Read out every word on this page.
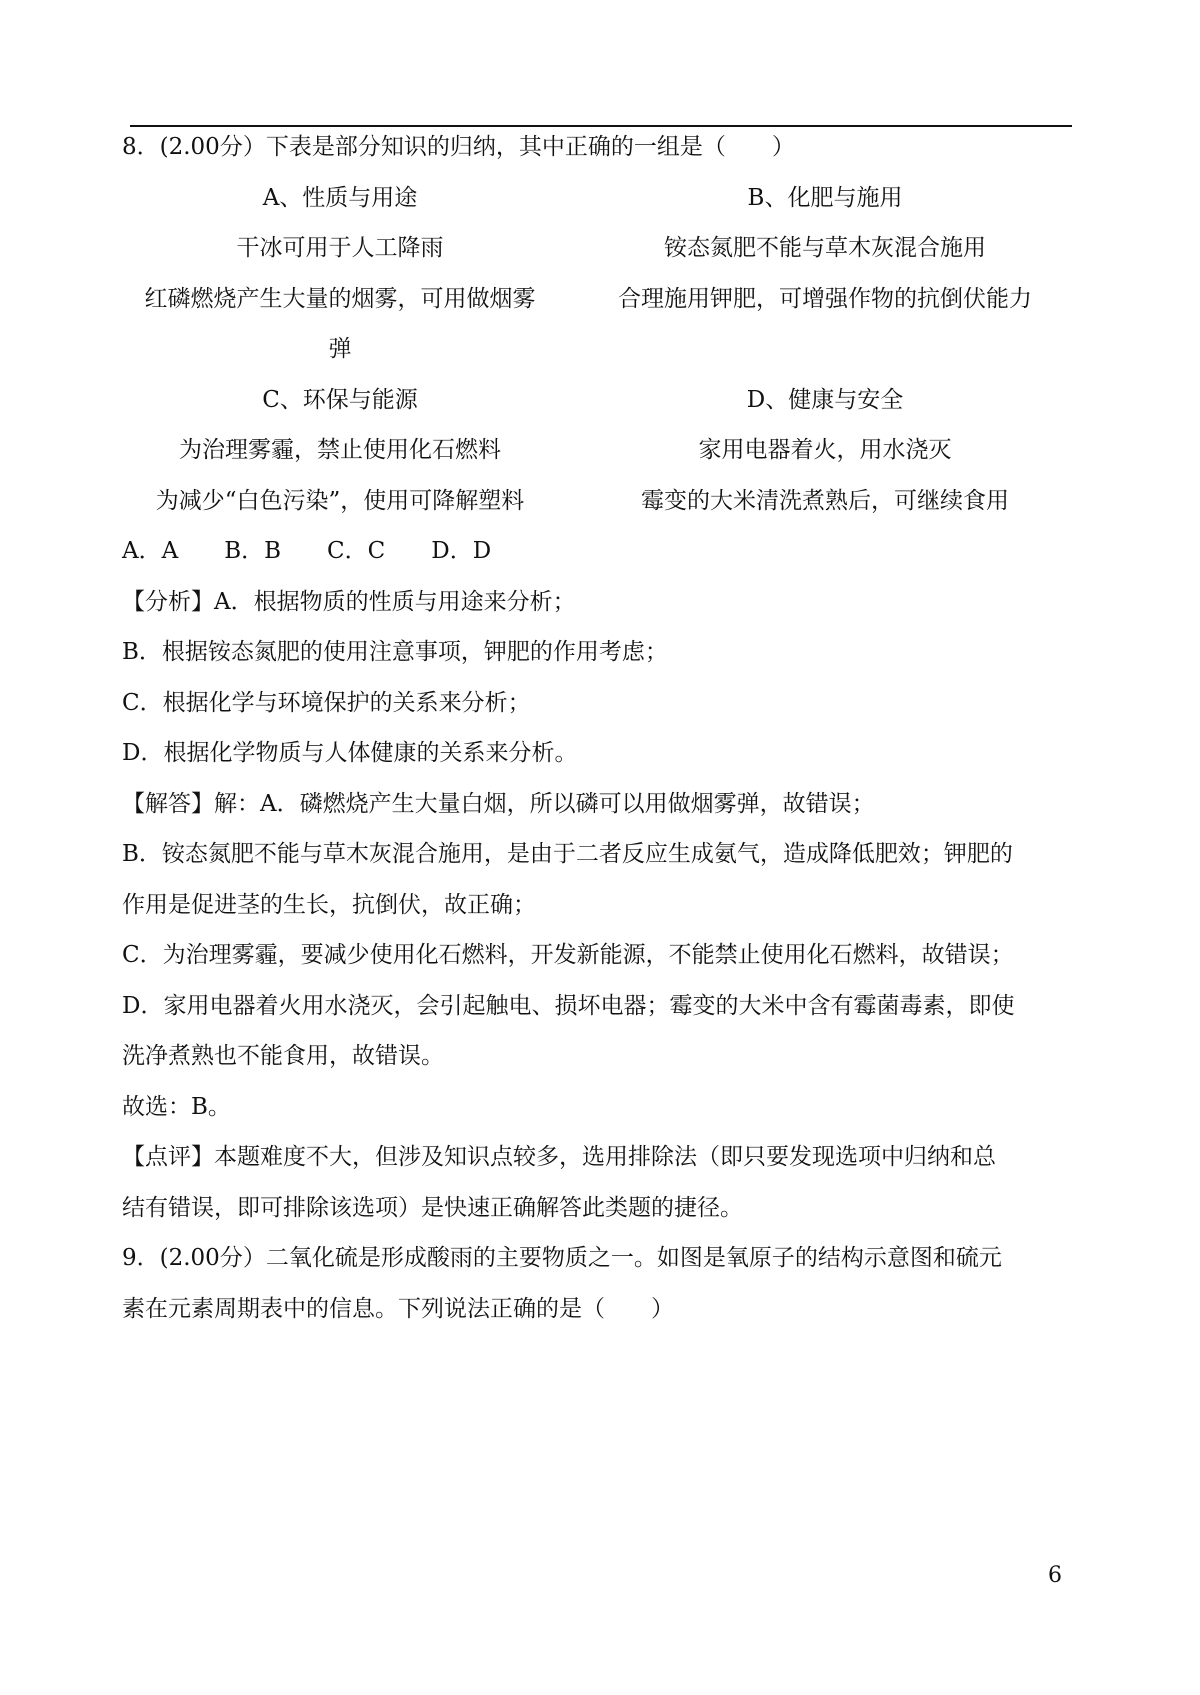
8．(2.00分）下表是部分知识的归纳，其中正确的一组是（　　）
A、性质与用途	B、化肥与施用
干冰可用于人工降雨	铵态氮肥不能与草木灰混合施用
红磷燃烧产生大量的烟雾，可用做烟雾	合理施用钾肥，可增强作物的抗倒伏能力
弹
C、环保与能源	D、健康与安全
为治理雾霾，禁止使用化石燃料	家用电器着火，用水浇灭
为减少“白色污染”，使用可降解塑料	霉变的大米清洗煮熟后，可继续食用
A．A B．B C．C D．D
【分析】A．根据物质的性质与用途来分析；
B．根据铵态氮肥的使用注意事项，钾肥的作用考虑；
C．根据化学与环境保护的关系来分析；
D．根据化学物质与人体健康的关系来分析。
【解答】解：A．磷燃烧产生大量白烟，所以磷可以用做烟雾弹，故错误；
B．铵态氮肥不能与草木灰混合施用，是由于二者反应生成氨气，造成降低肥效；钾肥的
作用是促进茎的生长，抗倒伏，故正确；
C．为治理雾霾，要减少使用化石燃料，开发新能源，不能禁止使用化石燃料，故错误；
D．家用电器着火用水浇灭，会引起触电、损坏电器；霉变的大米中含有霉菌毒素，即使
洗净煮熟也不能食用，故错误。
故选：B。
【点评】本题难度不大，但涉及知识点较多，选用排除法（即只要发现选项中归纳和总
结有错误，即可排除该选项）是快速正确解答此类题的捷径。
9．(2.00分）二氧化硫是形成酸雨的主要物质之一。如图是氧原子的结构示意图和硫元
素在元素周期表中的信息。下列说法正确的是（　　）
6
